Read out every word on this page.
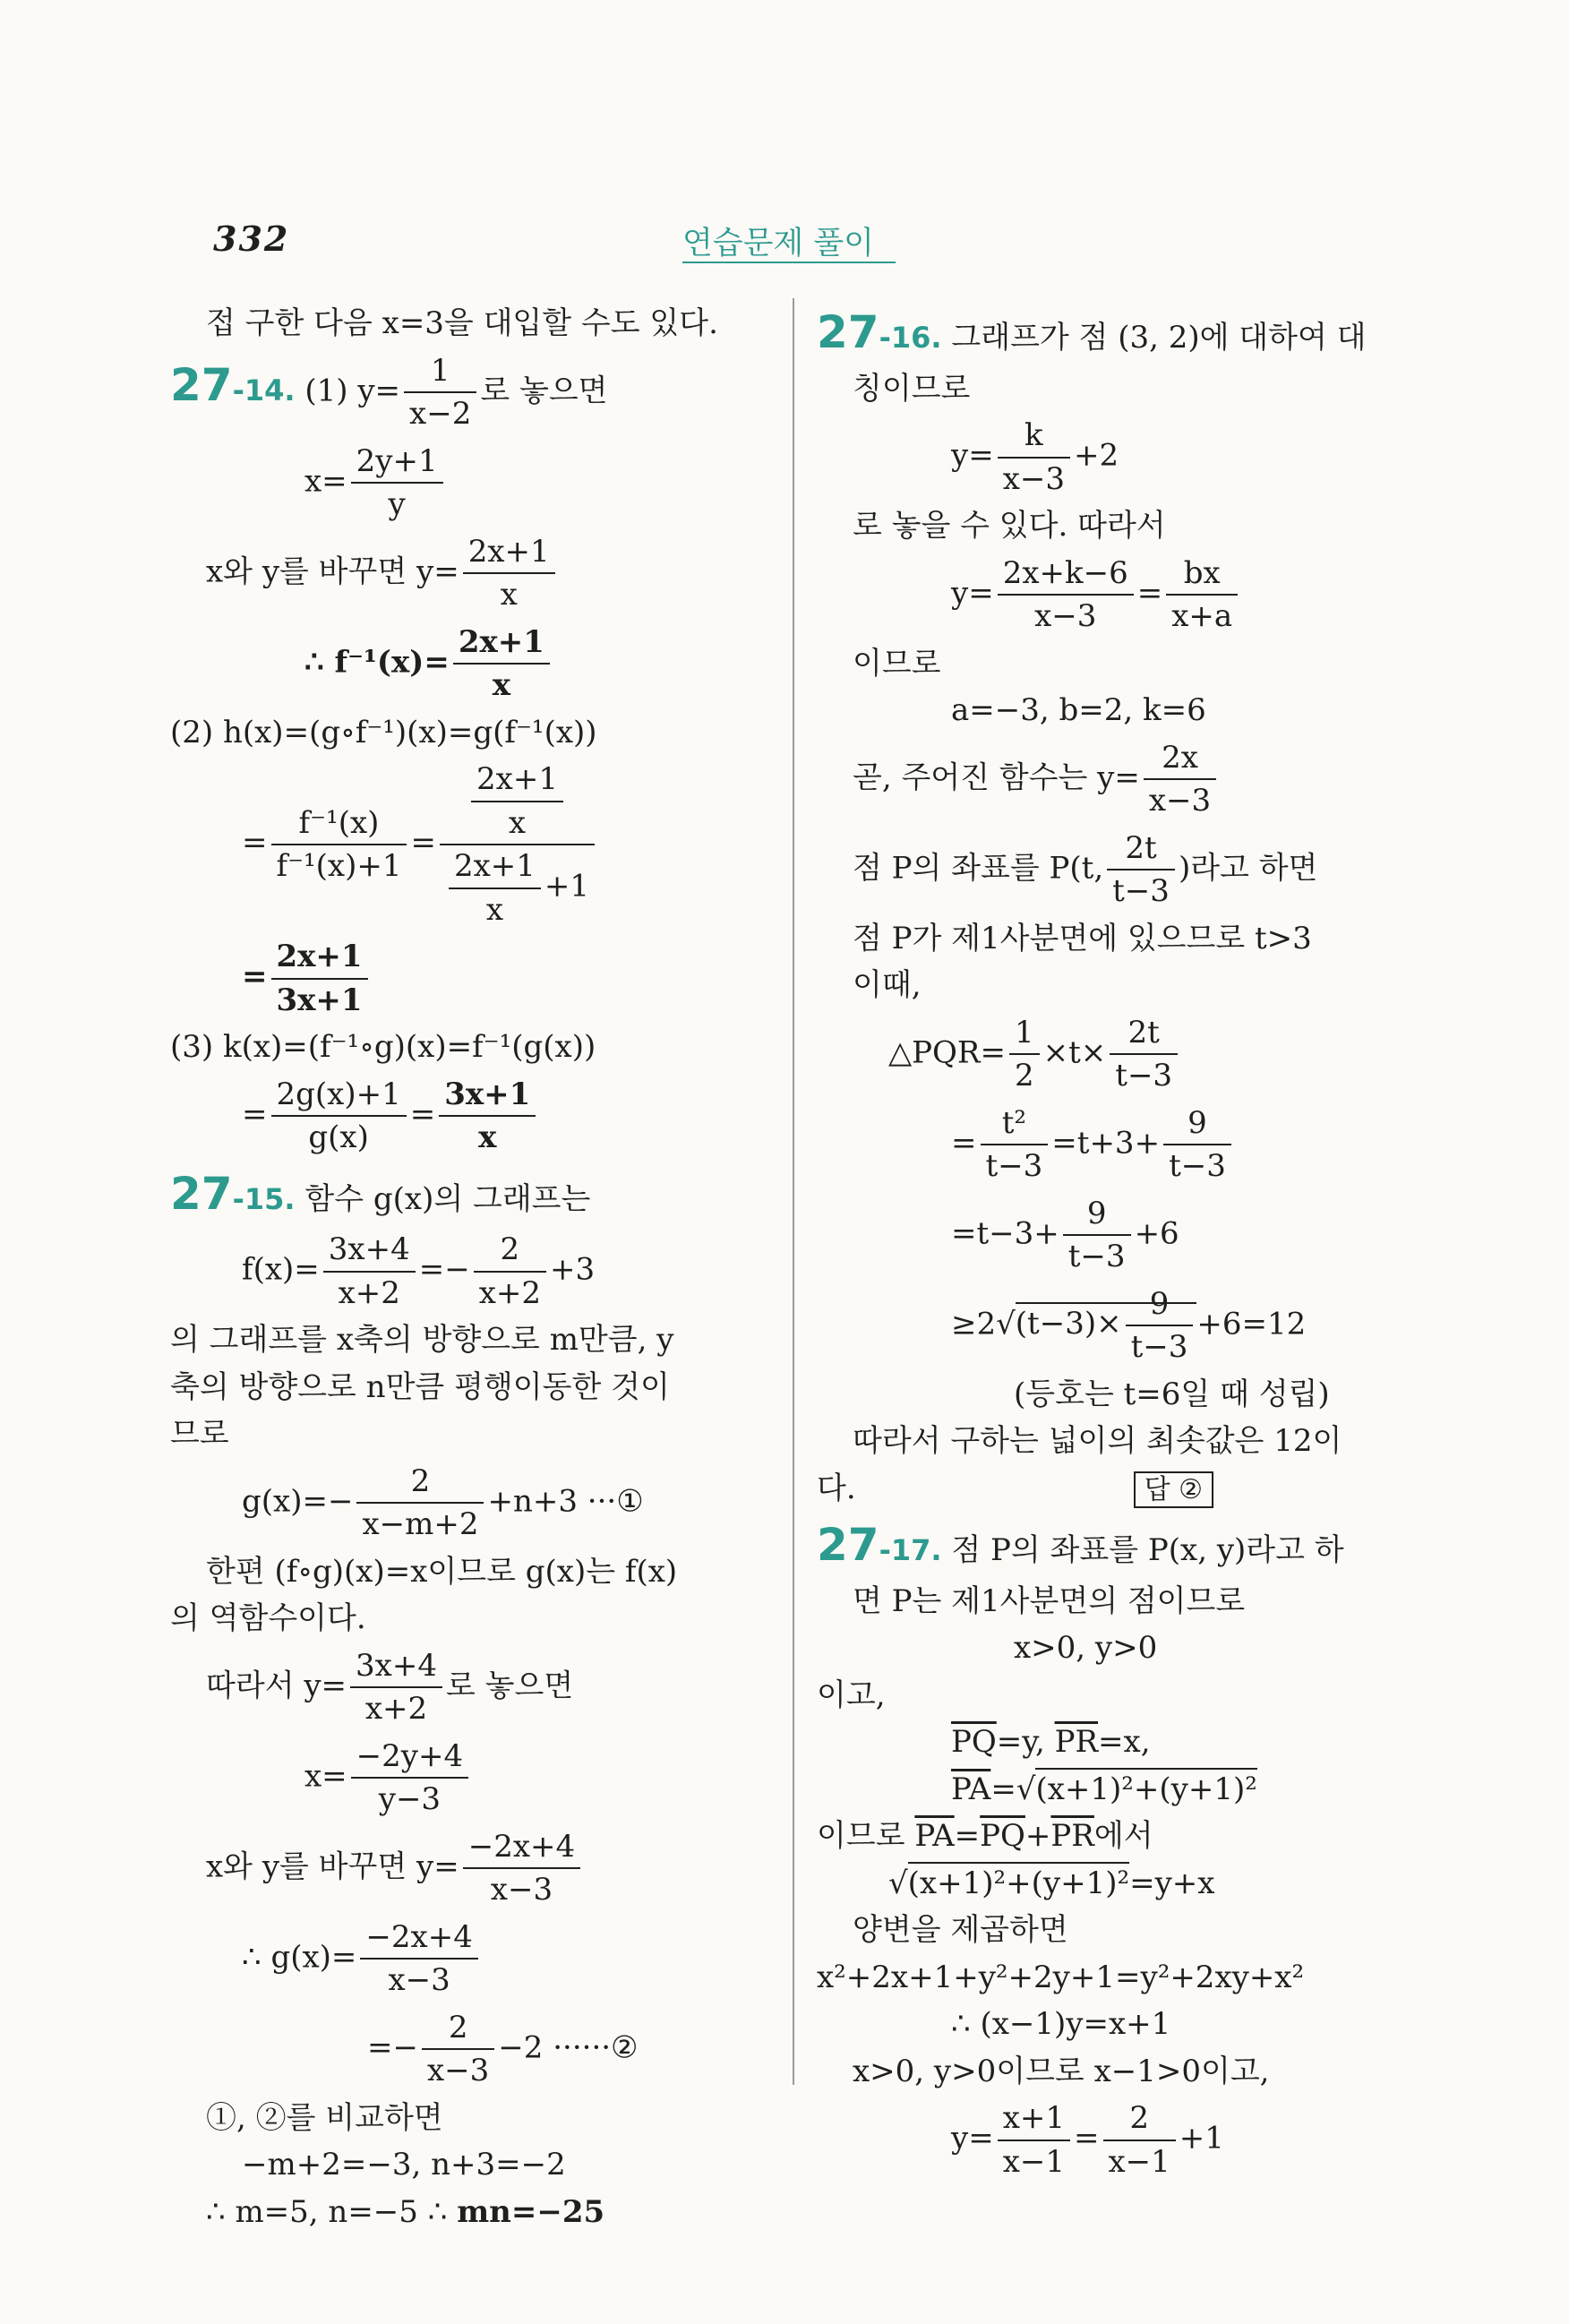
332	연습문제 풀이
접 구한 다음 x=3을 대입할 수도 있다.
27-14. (1) $y= \frac{1}{x-2}$ 로 놓으면
$x= \frac{2y+1}{y}$
x와 y를 바꾸면 $y= \frac{2x+1}{x}$
∴ $f^{-1}(x)= \frac{2x+1}{x}$
(2) h(x)=(g∘f⁻¹)(x)=g(f⁻¹(x))
= $\frac{\text{f⁻¹(x)}}{\text{f⁻¹(x)+1}} = \frac{\frac{2x+1}{x}}{\frac{2x+1}{x} +1}$
= $\frac{2x+1}{3x+1}$
(3) k(x)=(f⁻¹∘g)(x)=f⁻¹(g(x))
= $\frac{2g(x)+1}{g(x)} = \frac{3x+1}{x}$
27-15. 함수 g(x)의 그래프는
$f(x)= \frac{3x+4}{x+2} =- \frac{2}{x+2} +3$
의 그래프를 x축의 방향으로 m만큼, y
축의 방향으로 n만큼 평행이동한 것이
므로
$g(x)=- \frac{2}{x-m+2} +n+3$ ···①
한편 (f∘g)(x)=x이므로 g(x)는 f(x)
의 역함수이다.
따라서 $y= \frac{3x+4}{x+2}$ 로 놓으면
$x= \frac{-2y+4}{y-3}$
x와 y를 바꾸면 $y= \frac{-2x+4}{x-3}$
∴ $g(x)= \frac{-2x+4}{x-3}$
=− $\frac{2}{x-3} -2$ ······②
①, ②를 비교하면
−m+2=−3, n+3=−2
∴ m=5, n=−5 ∴ mn=−25
27-16. 그래프가 점 (3, 2)에 대하여 대
칭이므로
$y= \frac{k}{x-3} +2$
로 놓을 수 있다. 따라서
$y= \frac{2x+k-6}{x-3} = \frac{bx}{x+a}$
이므로
a=−3, b=2, k=6
곧, 주어진 함수는 $y= \frac{2x}{x-3}$
점 P의 좌표를 P(t, $\frac{2t}{t-3}$ )라고 하면
점 P가 제1사분면에 있으므로 t>3
이때,
△PQR= $\frac{1}{2} \times t\times \frac{2t}{t-3}$
= $\frac{\text{t²}}{t-3} =t+3+ \frac{9}{t-3}$
$=t-3+ \frac{9}{t-3} +6$
$\ge 2√(t-3)\times \frac{9}{t-3} +6=12$
(등호는 t=6일 때 성립)
따라서 구하는 넓이의 최솟값은 12이
다.	답 ②
27-17. 점 P의 좌표를 P(x, y)라고 하
면 P는 제1사분면의 점이므로
x>0, y>0
이고,
$\overline{PQ}=y$, $\overline{PR}=x$,
$\overline{PA}=√(x+1)^2+(y+1)^2$
이므로 $\overline{PA}=\overline{PQ}+\overline{PR}$에서
√(x+1)²+(y+1)²=y+x
양변을 제곱하면
x²+2x+1+y²+2y+1=y²+2xy+x²
∴ (x−1)y=x+1
x>0, y>0이므로 x−1>0이고,
$y= \frac{x+1}{x-1} = \frac{2}{x-1} +1$
